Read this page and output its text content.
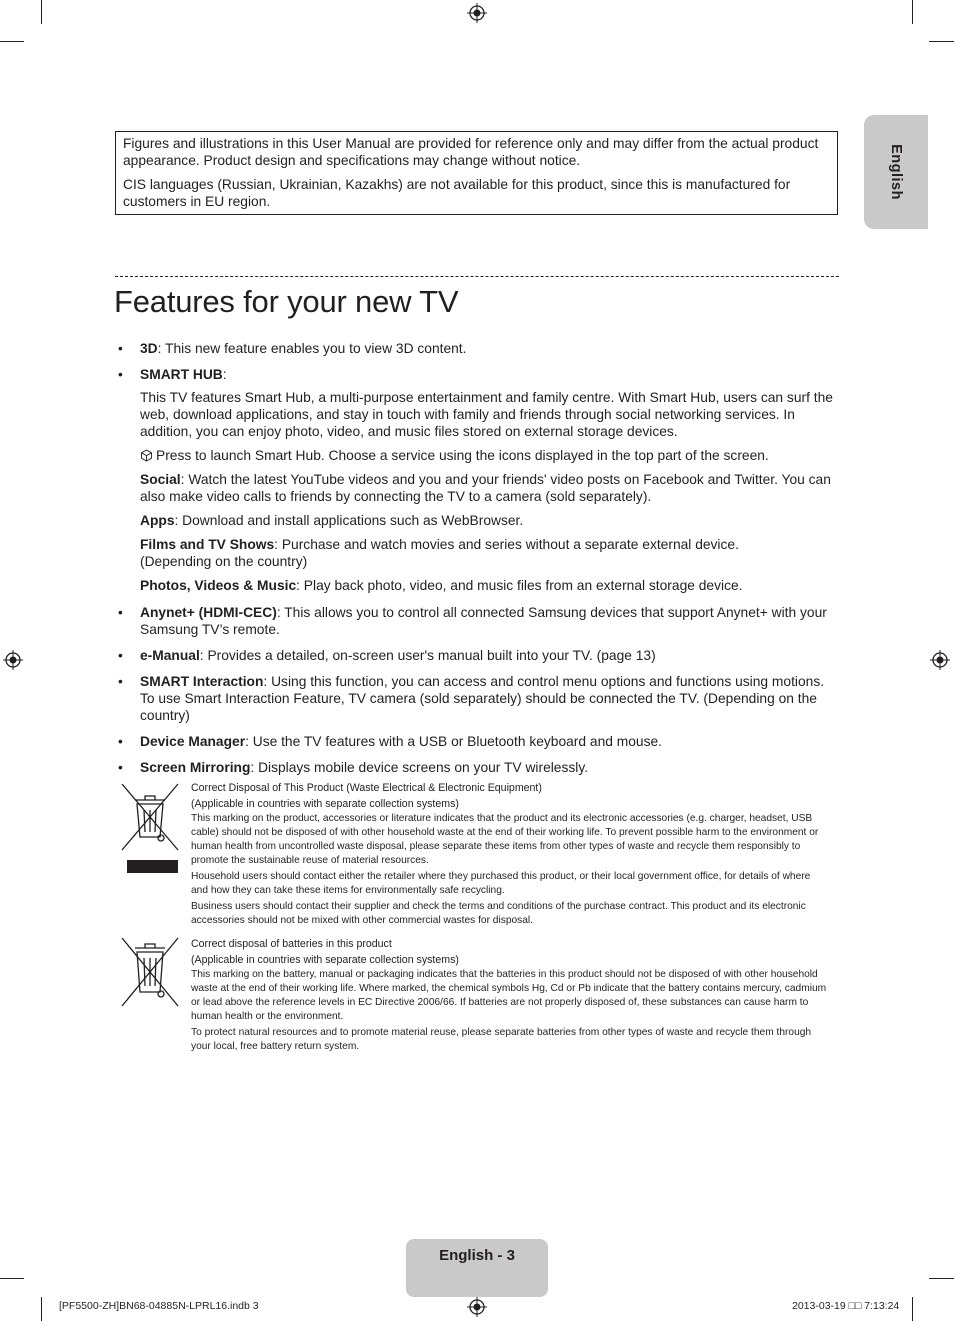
English

Figures and illustrations in this User Manual are provided for reference only and may differ from the actual product appearance. Product design and specifications may change without notice.

CIS languages (Russian, Ukrainian, Kazakhs) are not available for this product, since this is manufactured for customers in EU region.

Features for your new TV
• 3D: This new feature enables you to view 3D content.
• SMART HUB:

This TV features Smart Hub, a multi-purpose entertainment and family centre. With Smart Hub, users can surf the web, download applications, and stay in touch with family and friends through social networking services. In addition, you can enjoy photo, video, and music files stored on external storage devices.

Press to launch Smart Hub. Choose a service using the icons displayed in the top part of the screen.

Social: Watch the latest YouTube videos and you and your friends' video posts on Facebook and Twitter. You can also make video calls to friends by connecting the TV to a camera (sold separately).

Apps: Download and install applications such as WebBrowser.

Films and TV Shows: Purchase and watch movies and series without a separate external device.
(Depending on the country)

Photos, Videos & Music: Play back photo, video, and music files from an external storage device.

• Anynet+ (HDMI-CEC): This allows you to control all connected Samsung devices that support Anynet+ with your Samsung TV’s remote.
• e-Manual: Provides a detailed, on-screen user's manual built into your TV. (page 13)
• SMART Interaction: Using this function, you can access and control menu options and functions using motions. To use Smart Interaction Feature, TV camera (sold separately) should be connected the TV. (Depending on the country)
• Device Manager: Use the TV features with a USB or Bluetooth keyboard and mouse.
• Screen Mirroring: Displays mobile device screens on your TV wirelessly.

Correct Disposal of This Product (Waste Electrical & Electronic Equipment)

(Applicable in countries with separate collection systems)

This marking on the product, accessories or literature indicates that the product and its electronic accessories (e.g. charger, headset, USB cable) should not be disposed of with other household waste at the end of their working life. To prevent possible harm to the environment or human health from uncontrolled waste disposal, please separate these items from other types of waste and recycle them responsibly to promote the sustainable reuse of material resources.

Household users should contact either the retailer where they purchased this product, or their local government office, for details of where and how they can take these items for environmentally safe recycling.

Business users should contact their supplier and check the terms and conditions of the purchase contract. This product and its electronic accessories should not be mixed with other commercial wastes for disposal.

Correct disposal of batteries in this product

(Applicable in countries with separate collection systems)

This marking on the battery, manual or packaging indicates that the batteries in this product should not be disposed of with other household waste at the end of their working life. Where marked, the chemical symbols Hg, Cd or Pb indicate that the battery contains mercury, cadmium or lead above the reference levels in EC Directive 2006/66. If batteries are not properly disposed of, these substances can cause harm to human health or the environment.

To protect natural resources and to promote material reuse, please separate batteries from other types of waste and recycle them through your local, free battery return system.

English - 3
[PF5500-ZH]BN68-04885N-LPRL16.indb 3	2013-03-19 □□ 7:13:24
